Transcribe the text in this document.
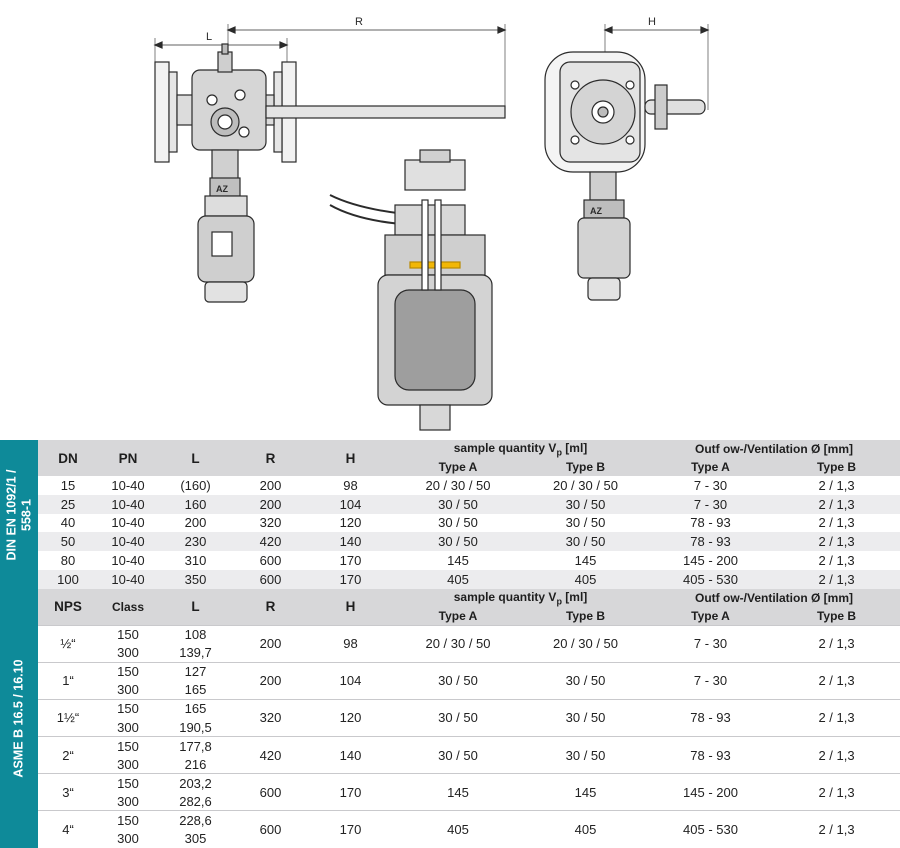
L
R	H
AZ
AZ
DIN EN 1092/1 /
558-1
ASME B 16.5 / 16.10
DN	PN	L	R	H	sample quantity $V_p$ [ml]		Outf ow-/Ventilation Ø [mm]	
					Type A	Type B	Type A	Type B
15	10-40	(160)	200	98	20 / 30 / 50	20 / 30 / 50	7 - 30	2 / 1,3
25	10-40	160	200	104	30 / 50	30 / 50	7 - 30	2 / 1,3
40	10-40	200	320	120	30 / 50	30 / 50	78 - 93	2 / 1,3
50	10-40	230	420	140	30 / 50	30 / 50	78 - 93	2 / 1,3
80	10-40	310	600	170	145	145	145 - 200	2 / 1,3
100	10-40	350	600	170	405	405	405 - 530	2 / 1,3
NPS	Class	L	R	H	sample quantity $V_p$ [ml]		Outf ow-/Ventilation Ø [mm]	
					Type A	Type B	Type A	Type B
½“	150	108	200	98	20 / 30 / 50	20 / 30 / 50	7 - 30	2 / 1,3
	300	139,7						
1“	150	127	200	104	30 / 50	30 / 50	7 - 30	2 / 1,3
	300	165						
1½“	150	165	320	120	30 / 50	30 / 50	78 - 93	2 / 1,3
	300	190,5						
2“	150	177,8	420	140	30 / 50	30 / 50	78 - 93	2 / 1,3
	300	216						
3“	150	203,2	600	170	145	145	145 - 200	2 / 1,3
	300	282,6						
4“	150	228,6	600	170	405	405	405 - 530	2 / 1,3
	300	305						
